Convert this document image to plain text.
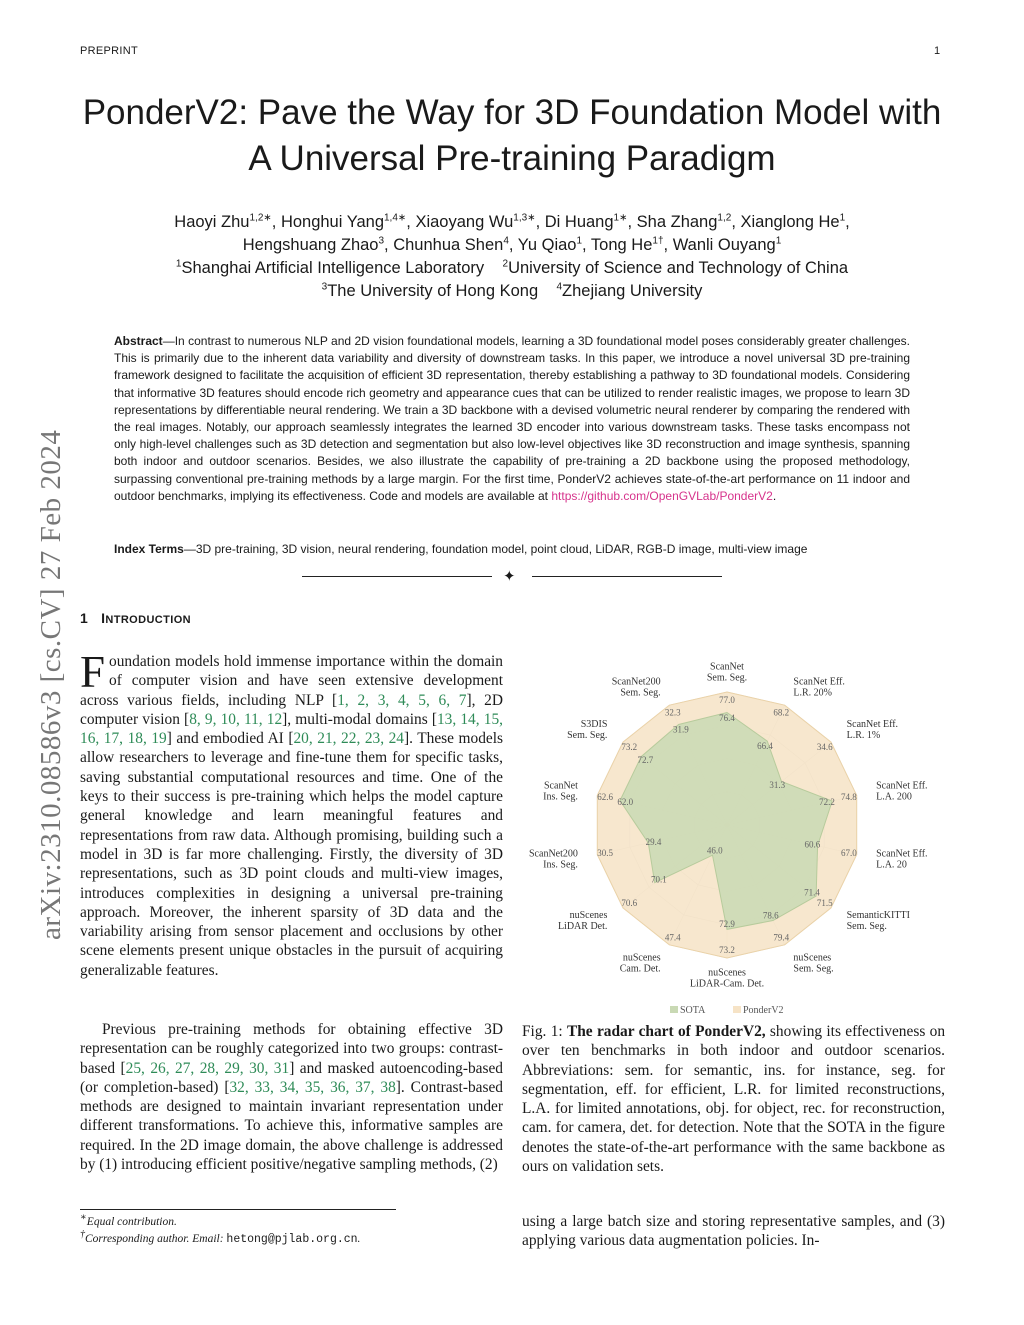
PREPRINT	1
arXiv:2310.08586v3 [cs.CV] 27 Feb 2024
PonderV2: Pave the Way for 3D Foundation Model with A Universal Pre-training Paradigm
Haoyi Zhu$^{1,2∗}$, Honghui Yang$^{1,4∗}$, Xiaoyang $Wu^{1,3∗}$, Di Huang$^{1∗}$, Sha Zhang$^{1,2}$, Xianglong He$^1$,
Hengshuang Zhao$^3$, Chunhua Shen$^4$, Yu Qiao$^1$, Tong $He^{1\dagger}$, Wanli Ouyang$^1$
$^1$Shanghai Artificial Intelligence Laboratory $^2$University of Science and Technology of China
$^3$The University of Hong Kong $^4$Zhejiang University

Abstract—In contrast to numerous NLP and 2D vision foundational models, learning a 3D foundational model poses considerably greater challenges. This is primarily due to the inherent data variability and diversity of downstream tasks. In this paper, we introduce a novel universal 3D pre-training framework designed to facilitate the acquisition of efficient 3D representation, thereby establishing a pathway to 3D foundational models. Considering that informative 3D features should encode rich geometry and appearance cues that can be utilized to render realistic images, we propose to learn 3D representations by differentiable neural rendering. We train a 3D backbone with a devised volumetric neural renderer by comparing the rendered with the real images. Notably, our approach seamlessly integrates the learned 3D encoder into various downstream tasks. These tasks encompass not only high-level challenges such as 3D detection and segmentation but also low-level objectives like 3D reconstruction and image synthesis, spanning both indoor and outdoor scenarios. Besides, we also illustrate the capability of pre-training a 2D backbone using the proposed methodology, surpassing conventional pre-training methods by a large margin. For the first time, PonderV2 achieves state-of-the-art performance on 11 indoor and outdoor benchmarks, implying its effectiveness. Code and models are available at https://github.com/OpenGVLab/PonderV2.

Index Terms—3D pre-training, 3D vision, neural rendering, foundation model, point cloud, LiDAR, RGB-D image, multi-view image

✦
1 INTRODUCTION

Foundation models hold immense importance within the domain of computer vision and have seen extensive development across various fields, including NLP [1, 2, 3, 4, 5, 6, 7], 2D computer vision [8, 9, 10, 11, 12], multi-modal domains [13, 14, 15, 16, 17, 18, 19] and embodied AI [20, 21, 22, 23, 24]. These models allow researchers to leverage and fine-tune them for specific tasks, saving substantial computational resources and time. One of the keys to their success is pre-training which helps the model capture general knowledge and learn meaningful features and representations from raw data. Although promising, building such a model in 3D is far more challenging. Firstly, the diversity of 3D representations, such as 3D point clouds and multi-view images, introduces complexities in designing a universal pre-training approach. Moreover, the inherent sparsity of 3D data and the variability arising from sensor placement and occlusions by other scene elements present unique obstacles in the pursuit of acquiring generalizable features.

Previous pre-training methods for obtaining effective 3D representation can be roughly categorized into two groups: contrast-based [25, 26, 27, 28, 29, 30, 31] and masked autoencoding-based (or completion-based) [32, 33, 34, 35, 36, 37, 38]. Contrast-based methods are designed to maintain invariant representation under different transformations. To achieve this, informative samples are required. In the 2D image domain, the above challenge is addressed by (1) introducing efficient positive/negative sampling methods, (2)

∗Equal contribution.
†Corresponding author. Email: hetong@pjlab.org.cn.
76.4
66.4
31.3
72.2
60.6
71.4
78.6
72.9
46.0
70.1
29.4
62.0
72.7
31.9
77.0
68.2
34.6
74.8
67.0
71.5
79.4
73.2
47.4
70.6
30.5
62.6
73.2
32.3
ScanNet Sem. Seg.	ScanNet Eff. L.R. 20%
ScanNet Eff. L.R. 1%
ScanNet Eff. L.A. 200
ScanNet Eff. L.A. 20
SemanticKITTI Sem. Seg.
nuScenes Sem. Seg.
nuScenes LiDAR-Cam. Det.
nuScenes Cam. Det.
nuScenes LiDAR Det.
ScanNet200 Ins. Seg.
ScanNet Ins. Seg.
S3DIS Sem. Seg.
ScanNet200 Sem. Seg.
SOTA	PonderV2

Fig. 1: The radar chart of PonderV2, showing its effectiveness on over ten benchmarks in both indoor and outdoor scenarios. Abbreviations: sem. for semantic, ins. for instance, seg. for segmentation, eff. for efficient, L.R. for limited reconstructions, L.A. for limited annotations, obj. for object, rec. for reconstruction, cam. for camera, det. for detection. Note that the SOTA in the figure denotes the state-of-the-art performance with the same backbone as ours on validation sets.

using a large batch size and storing representative samples, and (3) applying various data augmentation policies. In-
